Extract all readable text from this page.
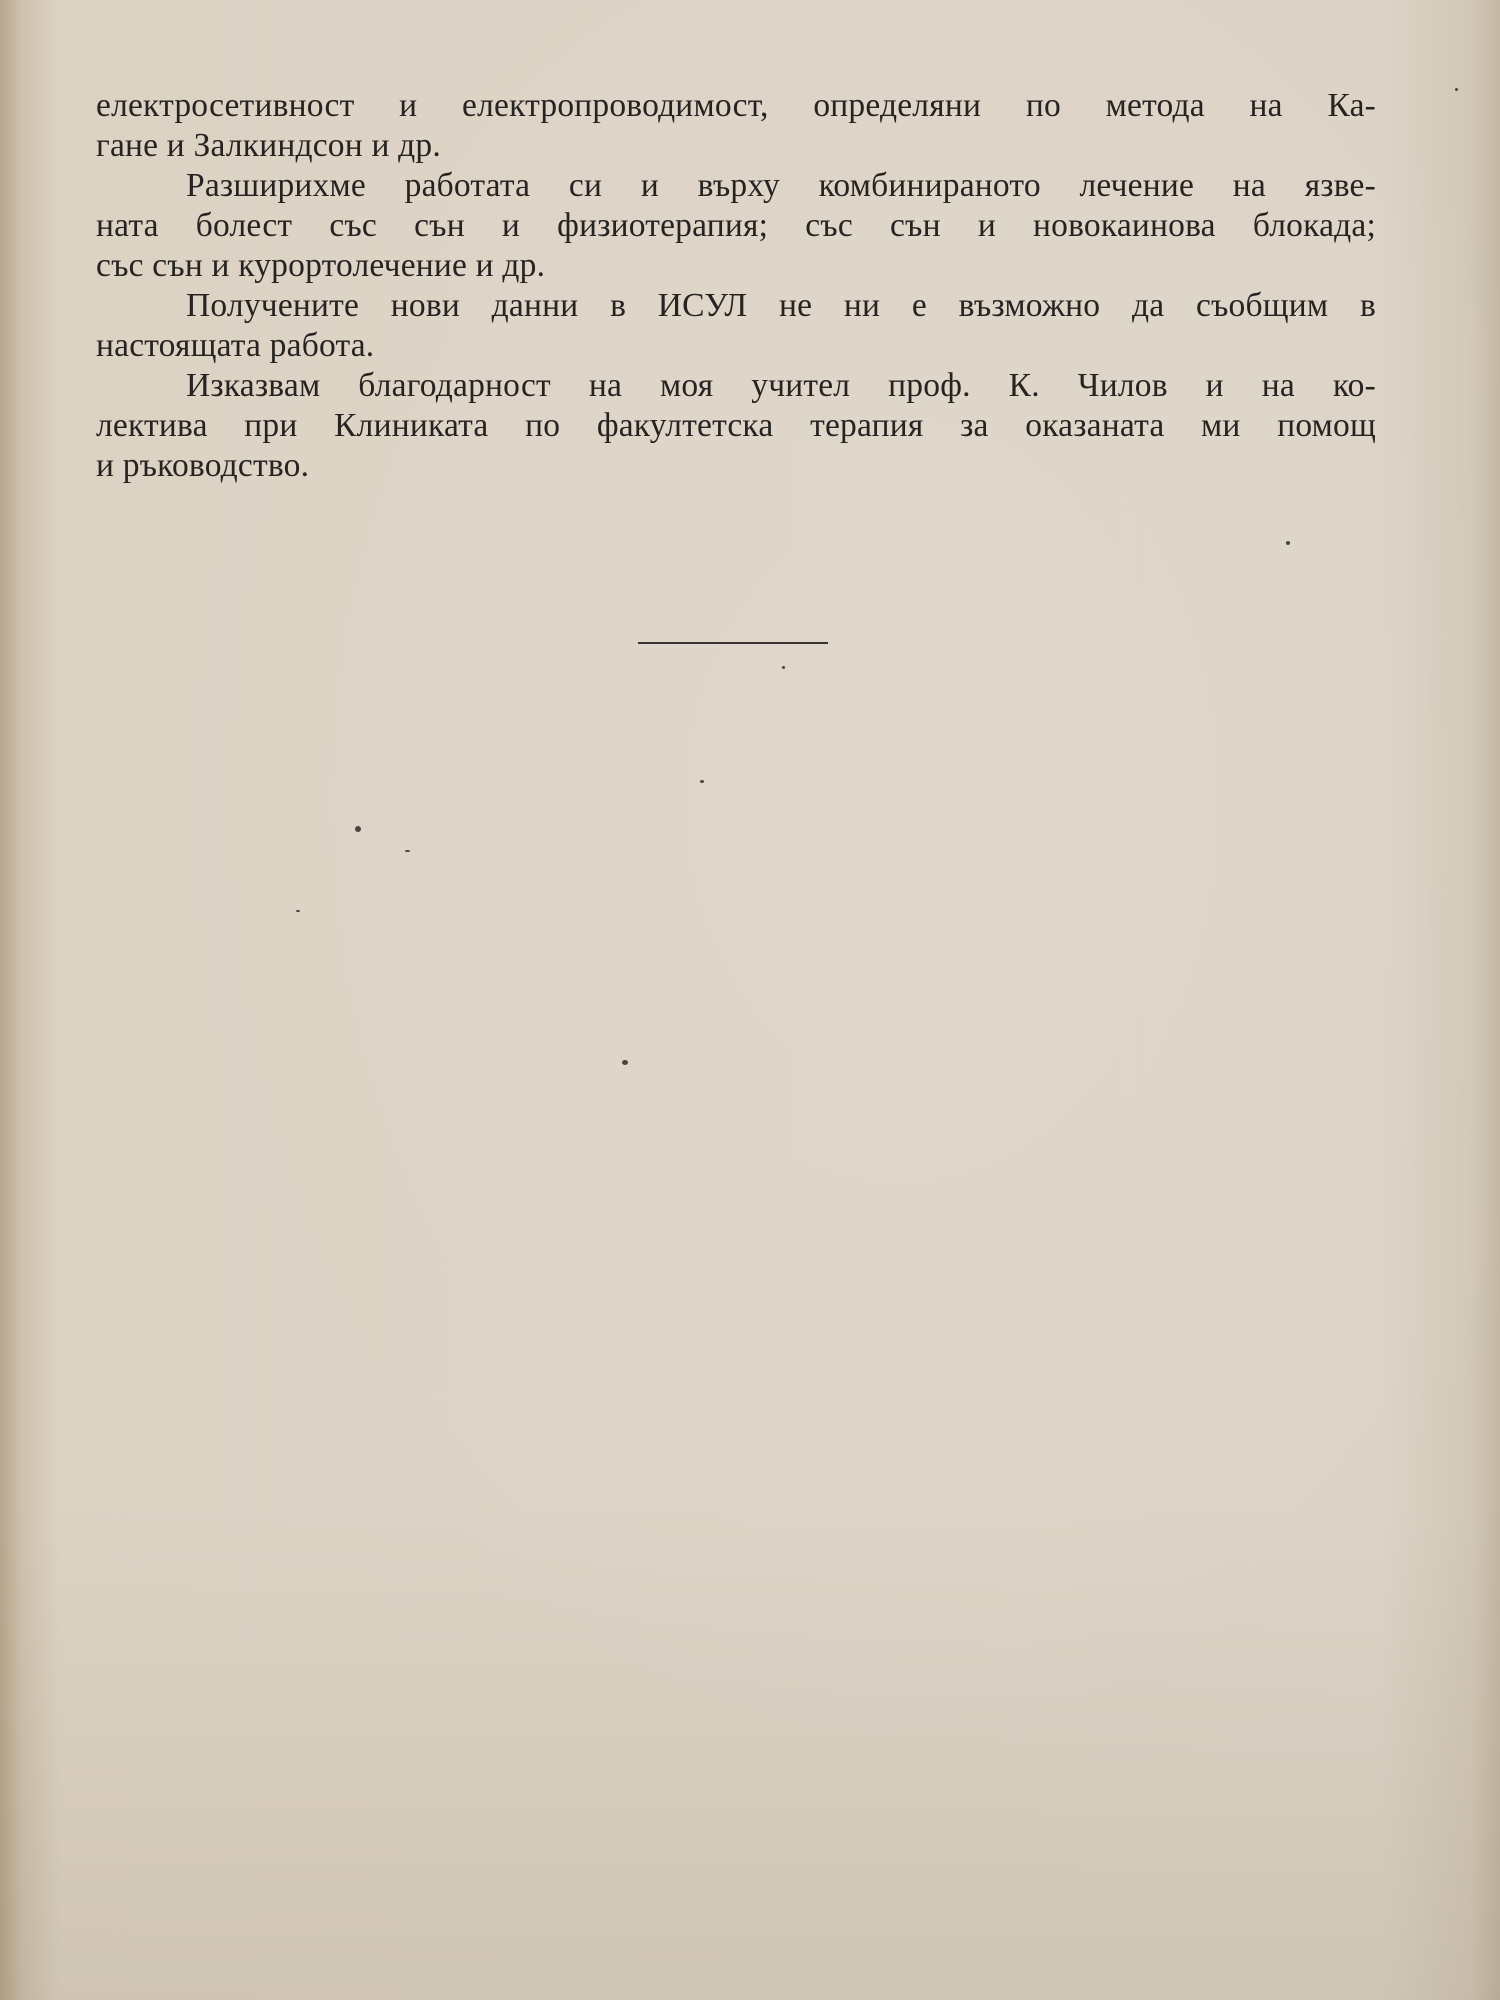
електросетивност и електропроводимост, определяни по метода на Ка-
гане и Залкиндсон и др.
Разширихме работата си и върху комбинираното лечение на язве-
ната болест със сън и физиотерапия; със сън и новокаинова блокада;
със сън и курортолечение и др.
Получените нови данни в ИСУЛ не ни е възможно да съобщим в
настоящата работа.
Изказвам благодарност на моя учител проф. К. Чилов и на ко-
лектива при Клиниката по факултетска терапия за оказаната ми помощ
и ръководство.
